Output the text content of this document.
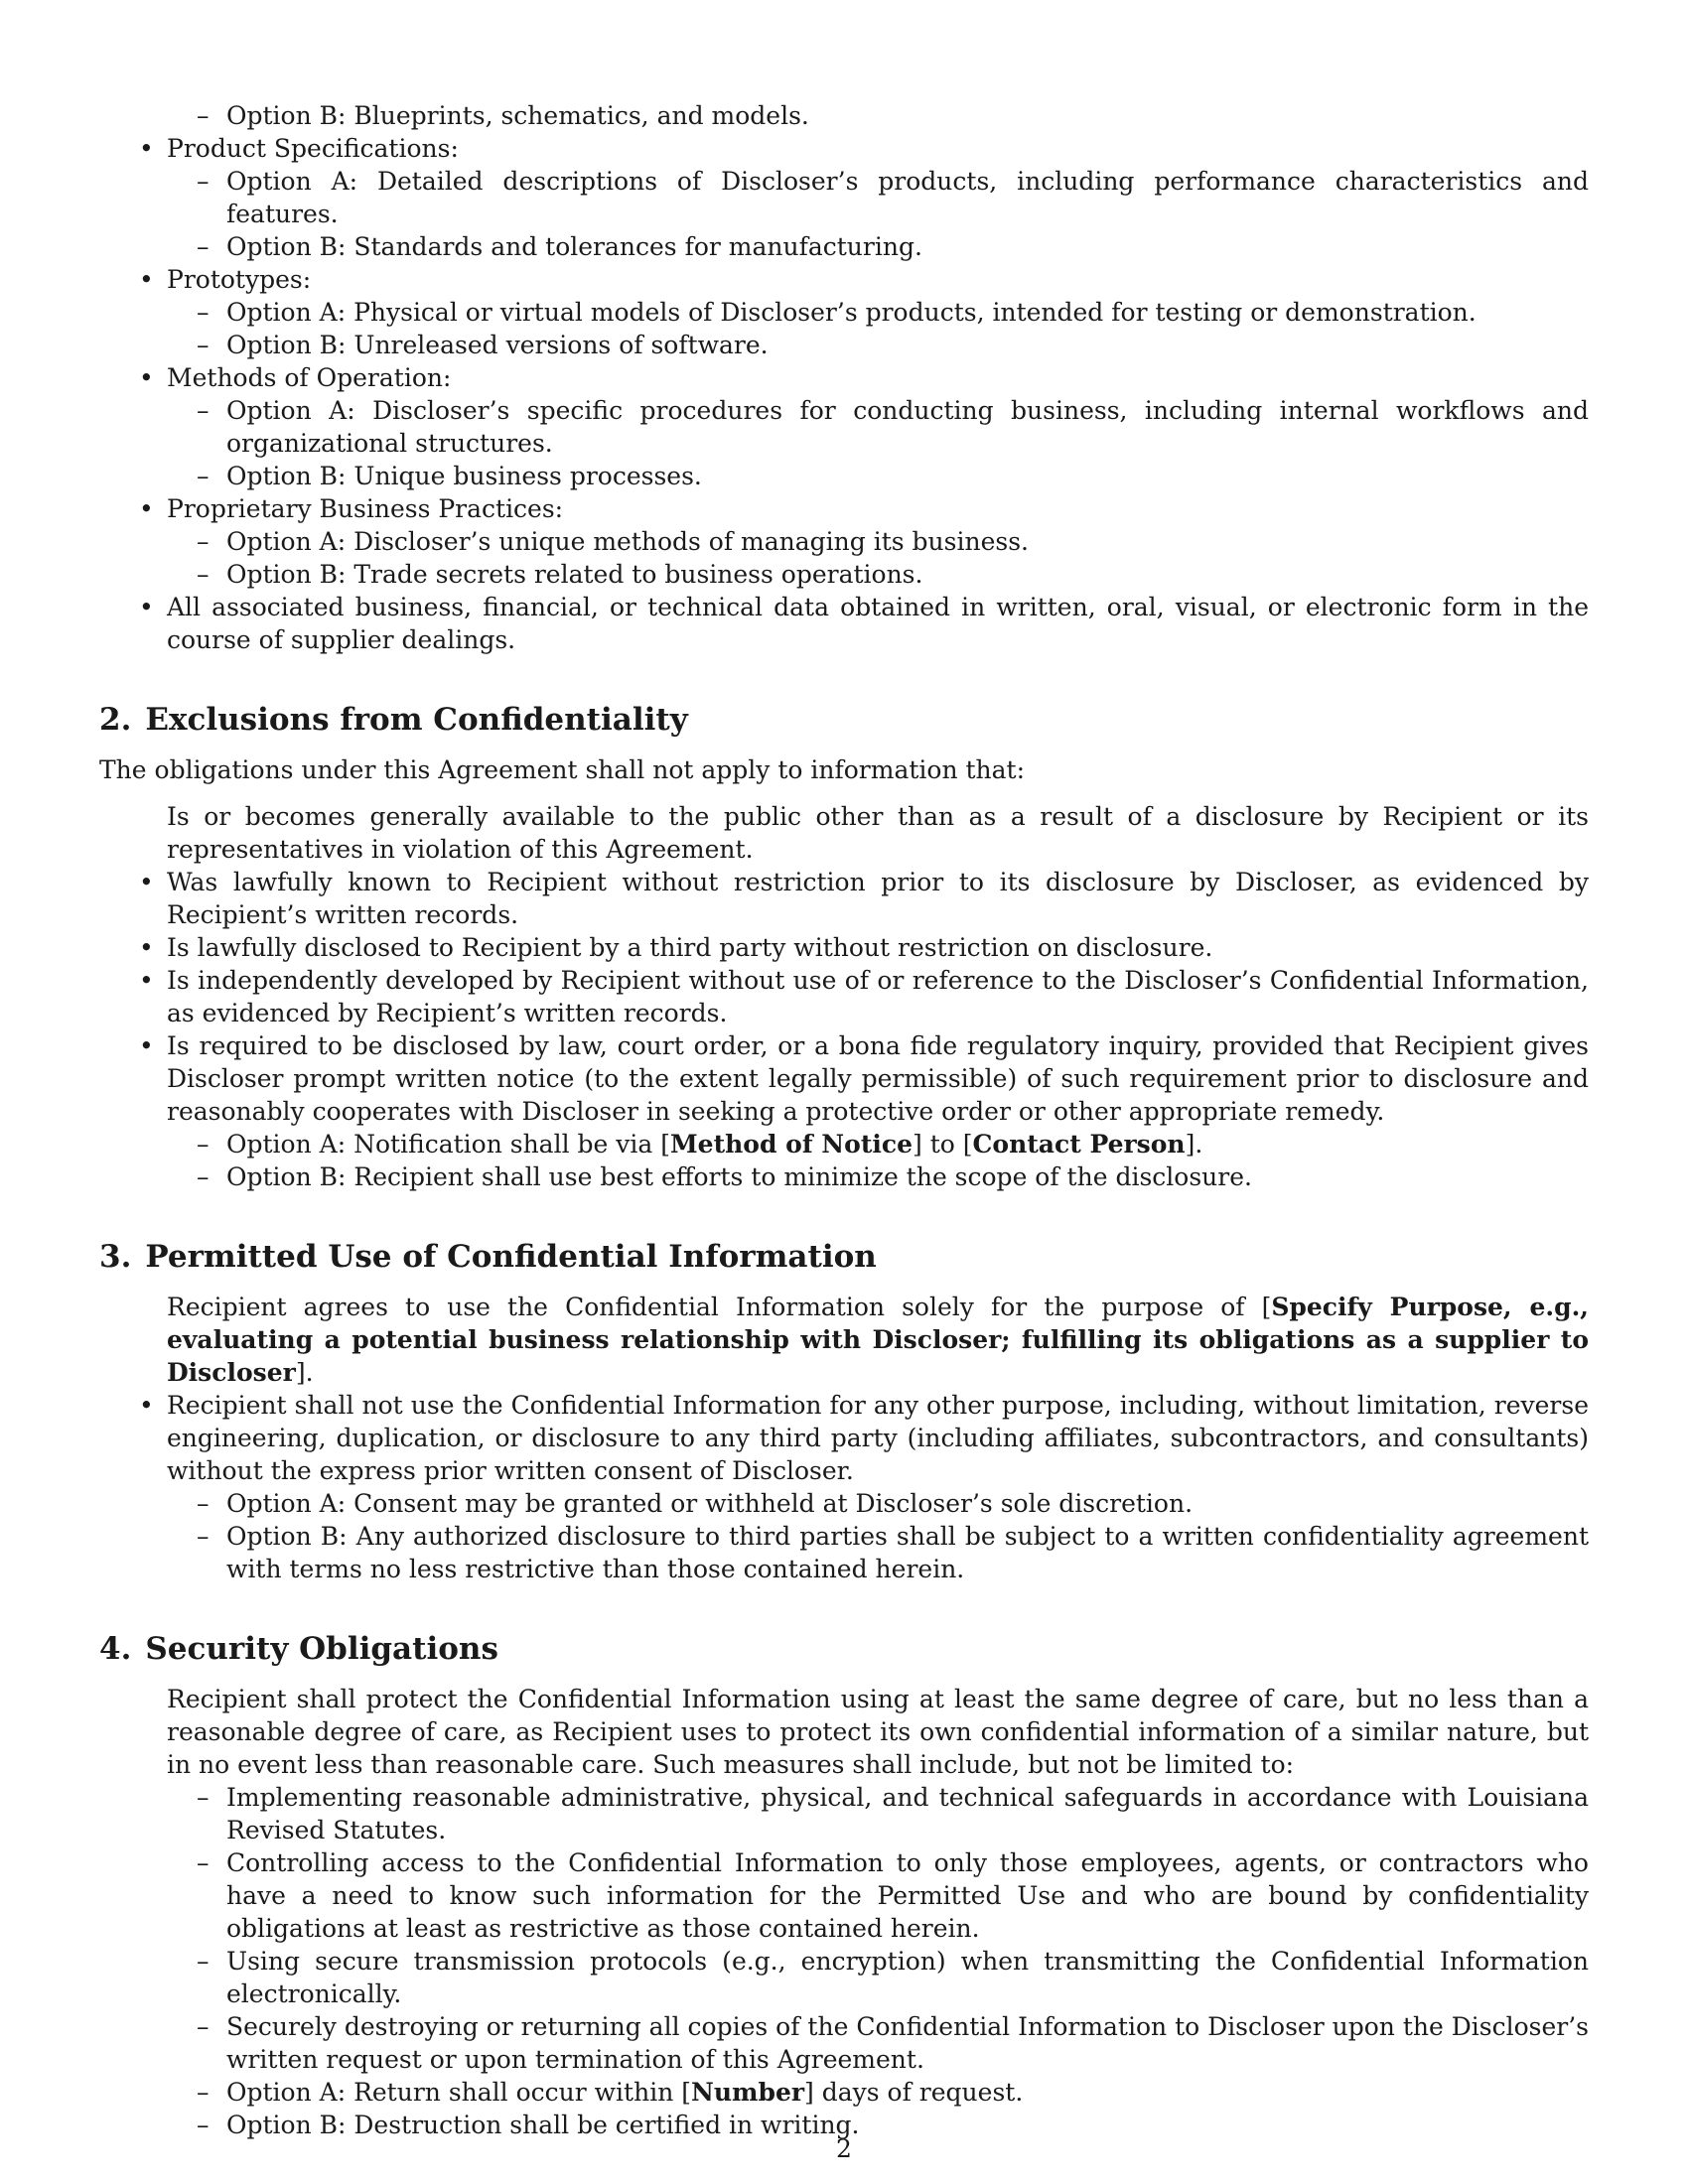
– Option B: Blueprints, schematics, and models.
• Product Specifications:
– Option A: Detailed descriptions of Discloser’s products, including performance characteristics and features.
– Option B: Standards and tolerances for manufacturing.
• Prototypes:
– Option A: Physical or virtual models of Discloser’s products, intended for testing or demonstration.
– Option B: Unreleased versions of software.
• Methods of Operation:
– Option A: Discloser’s specific procedures for conducting business, including internal workflows and organizational structures.
– Option B: Unique business processes.
• Proprietary Business Practices:
– Option A: Discloser’s unique methods of managing its business.
– Option B: Trade secrets related to business operations.
• All associated business, financial, or technical data obtained in written, oral, visual, or electronic form in the course of supplier dealings.
2. Exclusions from Confidentiality

The obligations under this Agreement shall not apply to information that:

Is or becomes generally available to the public other than as a result of a disclosure by Recipient or its representatives in violation of this Agreement.
• Was lawfully known to Recipient without restriction prior to its disclosure by Discloser, as evidenced by Recipient’s written records.
• Is lawfully disclosed to Recipient by a third party without restriction on disclosure.
• Is independently developed by Recipient without use of or reference to the Discloser’s Confidential Information, as evidenced by Recipient’s written records.
• Is required to be disclosed by law, court order, or a bona fide regulatory inquiry, provided that Recipient gives Discloser prompt written notice (to the extent legally permissible) of such requirement prior to disclosure and reasonably cooperates with Discloser in seeking a protective order or other appropriate remedy.
– Option A: Notification shall be via [Method of Notice] to [Contact Person].
– Option B: Recipient shall use best efforts to minimize the scope of the disclosure.
3. Permitted Use of Confidential Information
Recipient agrees to use the Confidential Information solely for the purpose of [Specify Purpose, e.g., evaluating a potential business relationship with Discloser; fulfilling its obligations as a supplier to Discloser].
• Recipient shall not use the Confidential Information for any other purpose, including, without limitation, reverse engineering, duplication, or disclosure to any third party (including affiliates, subcontractors, and consultants) without the express prior written consent of Discloser.
– Option A: Consent may be granted or withheld at Discloser’s sole discretion.
– Option B: Any authorized disclosure to third parties shall be subject to a written confidentiality agreement with terms no less restrictive than those contained herein.
4. Security Obligations
Recipient shall protect the Confidential Information using at least the same degree of care, but no less than a reasonable degree of care, as Recipient uses to protect its own confidential information of a similar nature, but in no event less than reasonable care. Such measures shall include, but not be limited to:
– Implementing reasonable administrative, physical, and technical safeguards in accordance with Louisiana Revised Statutes.
– Controlling access to the Confidential Information to only those employees, agents, or contractors who have a need to know such information for the Permitted Use and who are bound by confidentiality obligations at least as restrictive as those contained herein.
– Using secure transmission protocols (e.g., encryption) when transmitting the Confidential Information electronically.
– Securely destroying or returning all copies of the Confidential Information to Discloser upon the Discloser’s written request or upon termination of this Agreement.
– Option A: Return shall occur within [Number] days of request.
– Option B: Destruction shall be certified in writing.
2
